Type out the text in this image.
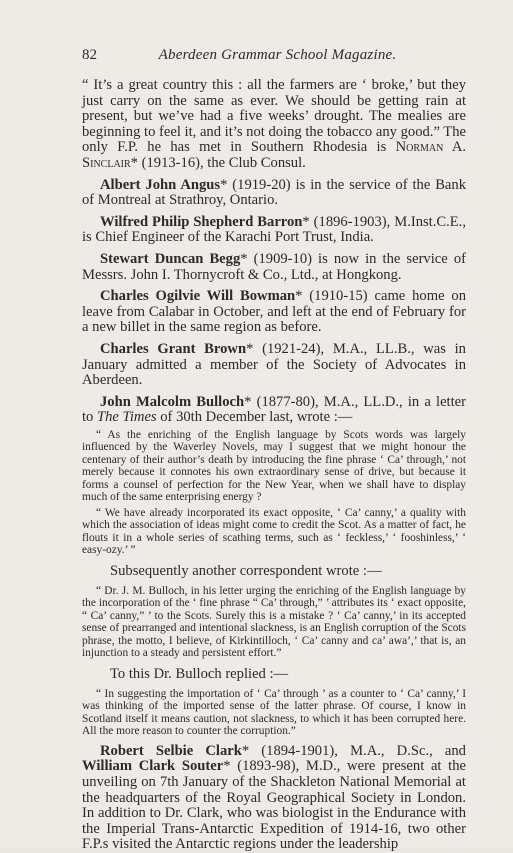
82	Aberdeen Grammar School Magazine.

“ It’s a great country this : all the farmers are ‘ broke,’ but they just carry on the same as ever. We should be getting rain at present, but we’ve had a five weeks’ drought. The mealies are beginning to feel it, and it’s not doing the tobacco any good.” The only F.P. he has met in Southern Rhodesia is Norman A. Sinclair* (1913-16), the Club Consul.

Albert John Angus* (1919-20) is in the service of the Bank of Montreal at Strathroy, Ontario.

Wilfred Philip Shepherd Barron* (1896-1903), M.Inst.C.E., is Chief Engineer of the Karachi Port Trust, India.

Stewart Duncan Begg* (1909-10) is now in the service of Messrs. John I. Thornycroft & Co., Ltd., at Hongkong.

Charles Ogilvie Will Bowman* (1910-15) came home on leave from Calabar in October, and left at the end of February for a new billet in the same region as before.

Charles Grant Brown* (1921-24), M.A., LL.B., was in January admitted a member of the Society of Advocates in Aberdeen.

John Malcolm Bulloch* (1877-80), M.A., LL.D., in a letter to The Times of 30th December last, wrote :—

“ As the enriching of the English language by Scots words was largely influenced by the Waverley Novels, may I suggest that we might honour the centenary of their author’s death by introducing the fine phrase ‘ Ca’ through,’ not merely because it connotes his own extraordinary sense of drive, but because it forms a counsel of perfection for the New Year, when we shall have to display much of the same enterprising energy ?

“ We have already incorporated its exact opposite, ‘ Ca’ canny,’ a quality with which the association of ideas might come to credit the Scot. As a matter of fact, he flouts it in a whole series of scathing terms, such as ‘ feckless,’ ‘ fooshinless,’ ‘ easy-ozy.’ ”

Subsequently another correspondent wrote :—

“ Dr. J. M. Bulloch, in his letter urging the enriching of the English language by the incorporation of the ‘ fine phrase “ Ca’ through,” ’ attributes its ‘ exact opposite, “ Ca’ canny,” ’ to the Scots. Surely this is a mistake ? ‘ Ca’ canny,’ in its accepted sense of prearranged and intentional slackness, is an English corruption of the Scots phrase, the motto, I believe, of Kirkintilloch, ‘ Ca’ canny and ca’ awa’,’ that is, an injunction to a steady and persistent effort.”

To this Dr. Bulloch replied :—

“ In suggesting the importation of ‘ Ca’ through ’ as a counter to ‘ Ca’ canny,’ I was thinking of the imported sense of the latter phrase. Of course, I know in Scotland itself it means caution, not slackness, to which it has been corrupted here. All the more reason to counter the corruption.”

Robert Selbie Clark* (1894-1901), M.A., D.Sc., and William Clark Souter* (1893-98), M.D., were present at the unveiling on 7th January of the Shackleton National Memorial at the headquarters of the Royal Geographical Society in London. In addition to Dr. Clark, who was biologist in the Endurance with the Imperial Trans-Antarctic Expedition of 1914-16, two other F.P.s visited the Antarctic regions under the leadership
